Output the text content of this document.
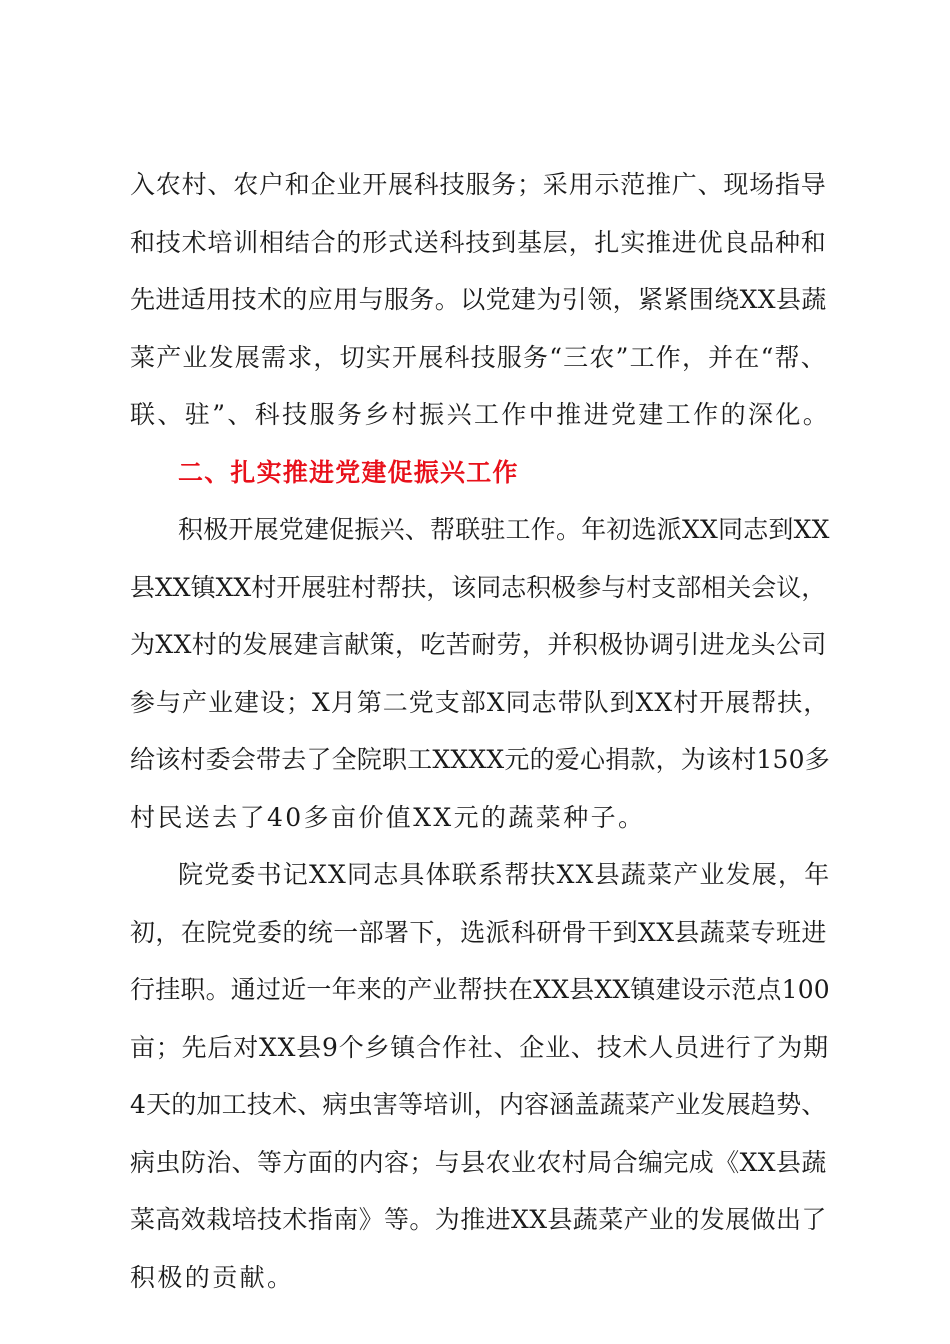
入农村、农户和企业开展科技服务；采用示范推广、现场指导
和技术培训相结合的形式送科技到基层，扎实推进优良品种和
先进适用技术的应用与服务。以党建为引领，紧紧围绕XX县蔬
菜产业发展需求，切实开展科技服务“三农”工作，并在“帮、
联、驻”、科技服务乡村振兴工作中推进党建工作的深化。
二、扎实推进党建促振兴工作
积极开展党建促振兴、帮联驻工作。年初选派XX同志到XX
县XX镇XX村开展驻村帮扶，该同志积极参与村支部相关会议，
为XX村的发展建言献策，吃苦耐劳，并积极协调引进龙头公司
参与产业建设；X月第二党支部X同志带队到XX村开展帮扶，
给该村委会带去了全院职工XXXX元的爱心捐款，为该村150多
村民送去了40多亩价值XX元的蔬菜种子。
院党委书记XX同志具体联系帮扶XX县蔬菜产业发展，年
初，在院党委的统一部署下，选派科研骨干到XX县蔬菜专班进
行挂职。通过近一年来的产业帮扶在XX县XX镇建设示范点100
亩；先后对XX县9个乡镇合作社、企业、技术人员进行了为期
4天的加工技术、病虫害等培训，内容涵盖蔬菜产业发展趋势、
病虫防治、等方面的内容；与县农业农村局合编完成《XX县蔬
菜高效栽培技术指南》等。为推进XX县蔬菜产业的发展做出了
积极的贡献。
